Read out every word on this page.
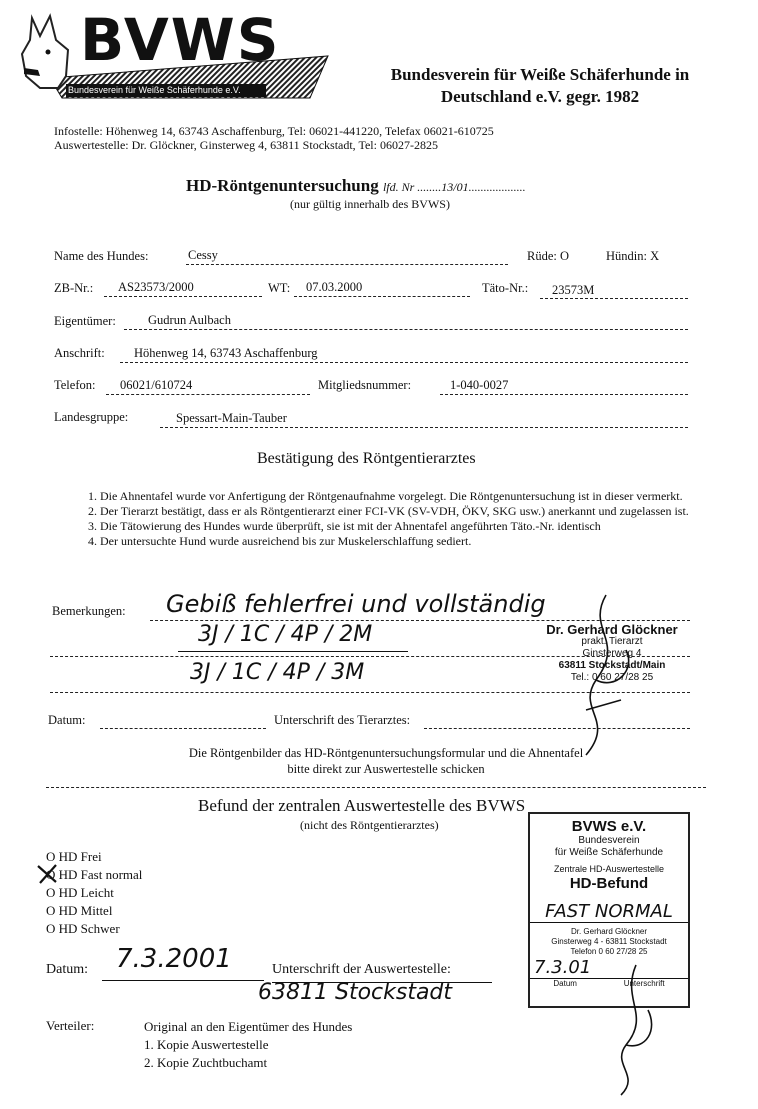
BVWS
Bundesverein für Weiße Schäferhunde e.V.
Bundesverein für Weiße Schäferhunde in
Deutschland e.V. gegr. 1982
Infostelle: Höhenweg 14, 63743 Aschaffenburg, Tel: 06021-441220, Telefax 06021-610725
Auswertestelle: Dr. Glöckner, Ginsterweg 4, 63811 Stockstadt, Tel: 06027-2825
HD-Röntgenuntersuchung lfd. Nr ........13/01...................
(nur gültig innerhalb des BVWS)
Name des Hundes:	Cessy	Rüde: O	Hündin: X
ZB-Nr.: AS23573/2000	WT: 07.03.2000	Täto-Nr.: 23573M
Eigentümer:	Gudrun Aulbach
Anschrift: Höhenweg 14, 63743 Aschaffenburg
Telefon: 06021/610724	Mitgliedsnummer:	1-040-0027
Landesgruppe:	Spessart-Main-Tauber
Bestätigung des Röntgentierarztes
1. Die Ahnentafel wurde vor Anfertigung der Röntgenaufnahme vorgelegt. Die Röntgenuntersuchung ist in dieser vermerkt.
2. Der Tierarzt bestätigt, dass er als Röntgentierarzt einer FCI-VK (SV-VDH, ÖKV, SKG usw.) anerkannt und zugelassen ist.
3. Die Tätowierung des Hundes wurde überprüft, sie ist mit der Ahnentafel angeführten Täto.-Nr. identisch
4. Der untersuchte Hund wurde ausreichend bis zur Muskelerschlaffung sediert.
Bemerkungen: Gebiß fehlerfrei und vollständig
3J / 1C / 4P / 2M
3J / 1C / 4P / 3M
Dr. Gerhard Glöckner
prakt. Tierarzt
Ginsterweg 4
63811 Stockstadt/Main
Tel.: 0 60 27/28 25
Datum:	Unterschrift des Tierarztes:
Die Röntgenbilder das HD-Röntgenuntersuchungsformular und die Ahnentafel
bitte direkt zur Auswertestelle schicken
Befund der zentralen Auswertestelle des BVWS
(nicht des Röntgentierarztes)
O HD Frei
O HD Fast normal
O HD Leicht
O HD Mittel
O HD Schwer
Datum: 7.3.2001	Unterschrift der Auswertestelle:
63811 Stockstadt
BVWS e.V.
Bundesverein
für Weiße Schäferhunde
Zentrale HD-Auswertestelle
HD-Befund
FAST NORMAL
Dr. Gerhard Glöckner
Ginsterweg 4 - 63811 Stockstadt
Telefon 0 60 27/28 25
7.3.01
Datum	Unterschrift
Verteiler:	Original an den Eigentümer des Hundes
1. Kopie Auswertestelle
2. Kopie Zuchtbuchamt
